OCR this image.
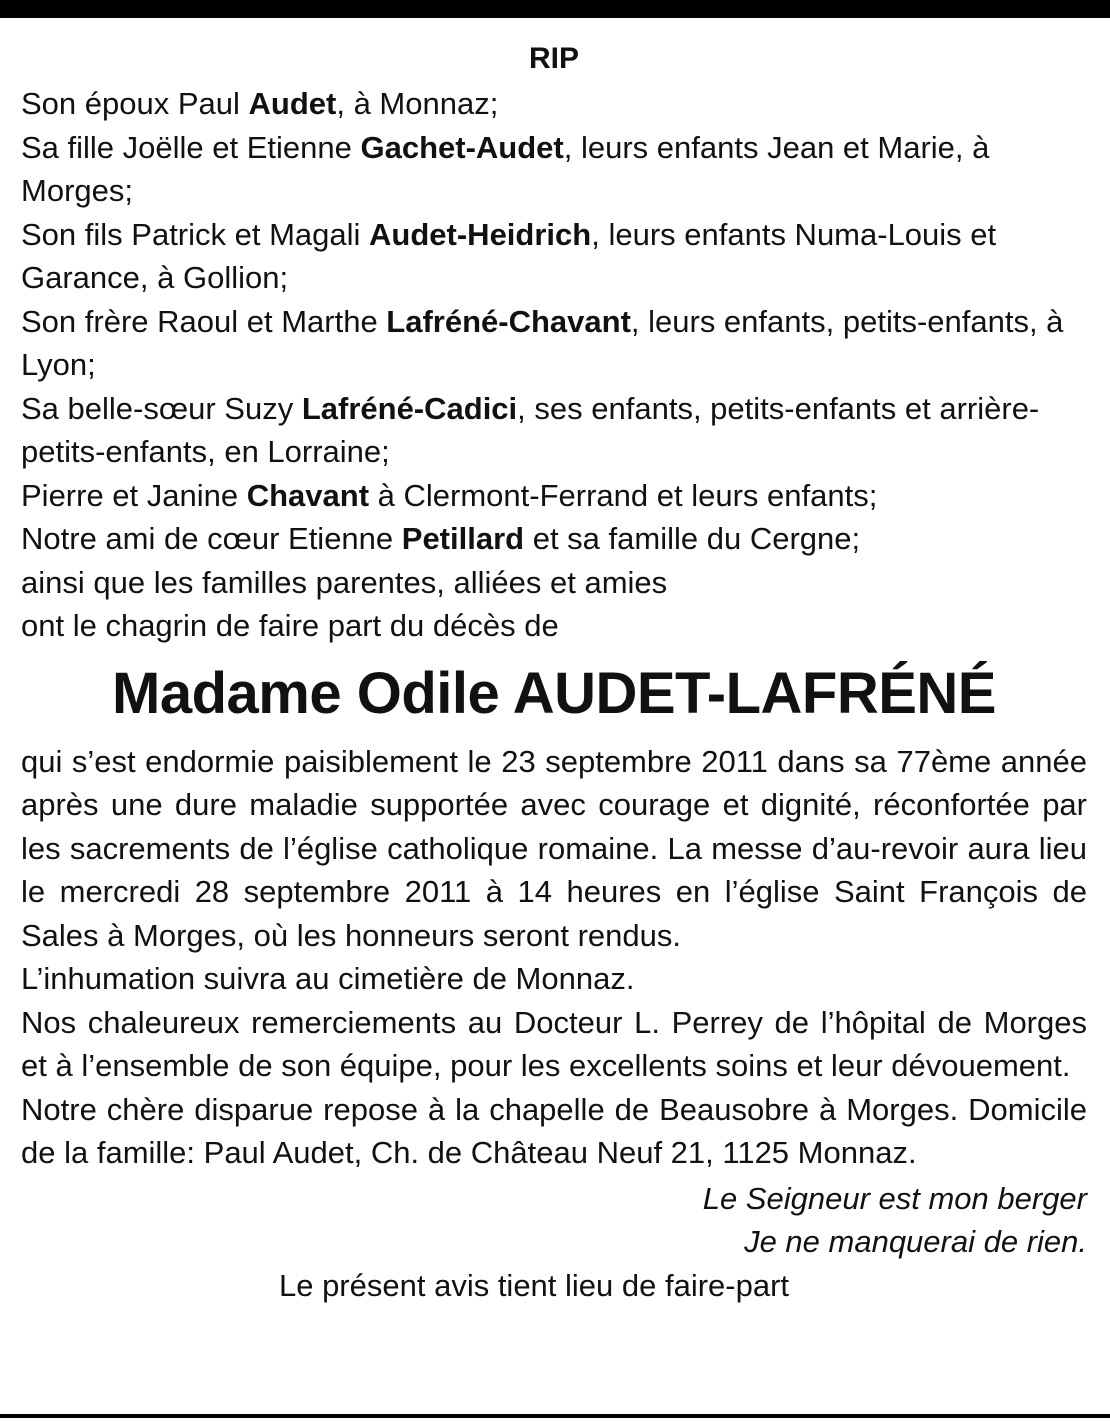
RIP
Son époux Paul Audet, à Monnaz;
Sa fille Joëlle et Etienne Gachet-Audet, leurs enfants Jean et Marie, à Morges;
Son fils Patrick et Magali Audet-Heidrich, leurs enfants Numa-Louis et Garance, à Gollion;
Son frère Raoul et Marthe Lafréné-Chavant, leurs enfants, petits-enfants, à Lyon;
Sa belle-sœur Suzy Lafréné-Cadici, ses enfants, petits-enfants et arrière-petits-enfants, en Lorraine;
Pierre et Janine Chavant à Clermont-Ferrand et leurs enfants;
Notre ami de cœur Etienne Petillard et sa famille du Cergne;
ainsi que les familles parentes, alliées et amies
ont le chagrin de faire part du décès de
Madame Odile AUDET-LAFRÉNÉ

qui s’est endormie paisiblement le 23 septembre 2011 dans sa 77ème année après une dure maladie supportée avec courage et dignité, réconfortée par les sacrements de l’église catholique romaine. La messe d’au-revoir aura lieu le mercredi 28 septembre 2011 à 14 heures en l’église Saint François de Sales à Morges, où les honneurs seront rendus.

L’inhumation suivra au cimetière de Monnaz.

Nos chaleureux remerciements au Docteur L. Perrey de l’hôpital de Morges et à l’ensemble de son équipe, pour les excellents soins et leur dévouement.

Notre chère disparue repose à la chapelle de Beausobre à Morges. Domicile de la famille: Paul Audet, Ch. de Château Neuf 21, 1125 Monnaz.

Le Seigneur est mon berger
Je ne manquerai de rien.
Le présent avis tient lieu de faire-part
